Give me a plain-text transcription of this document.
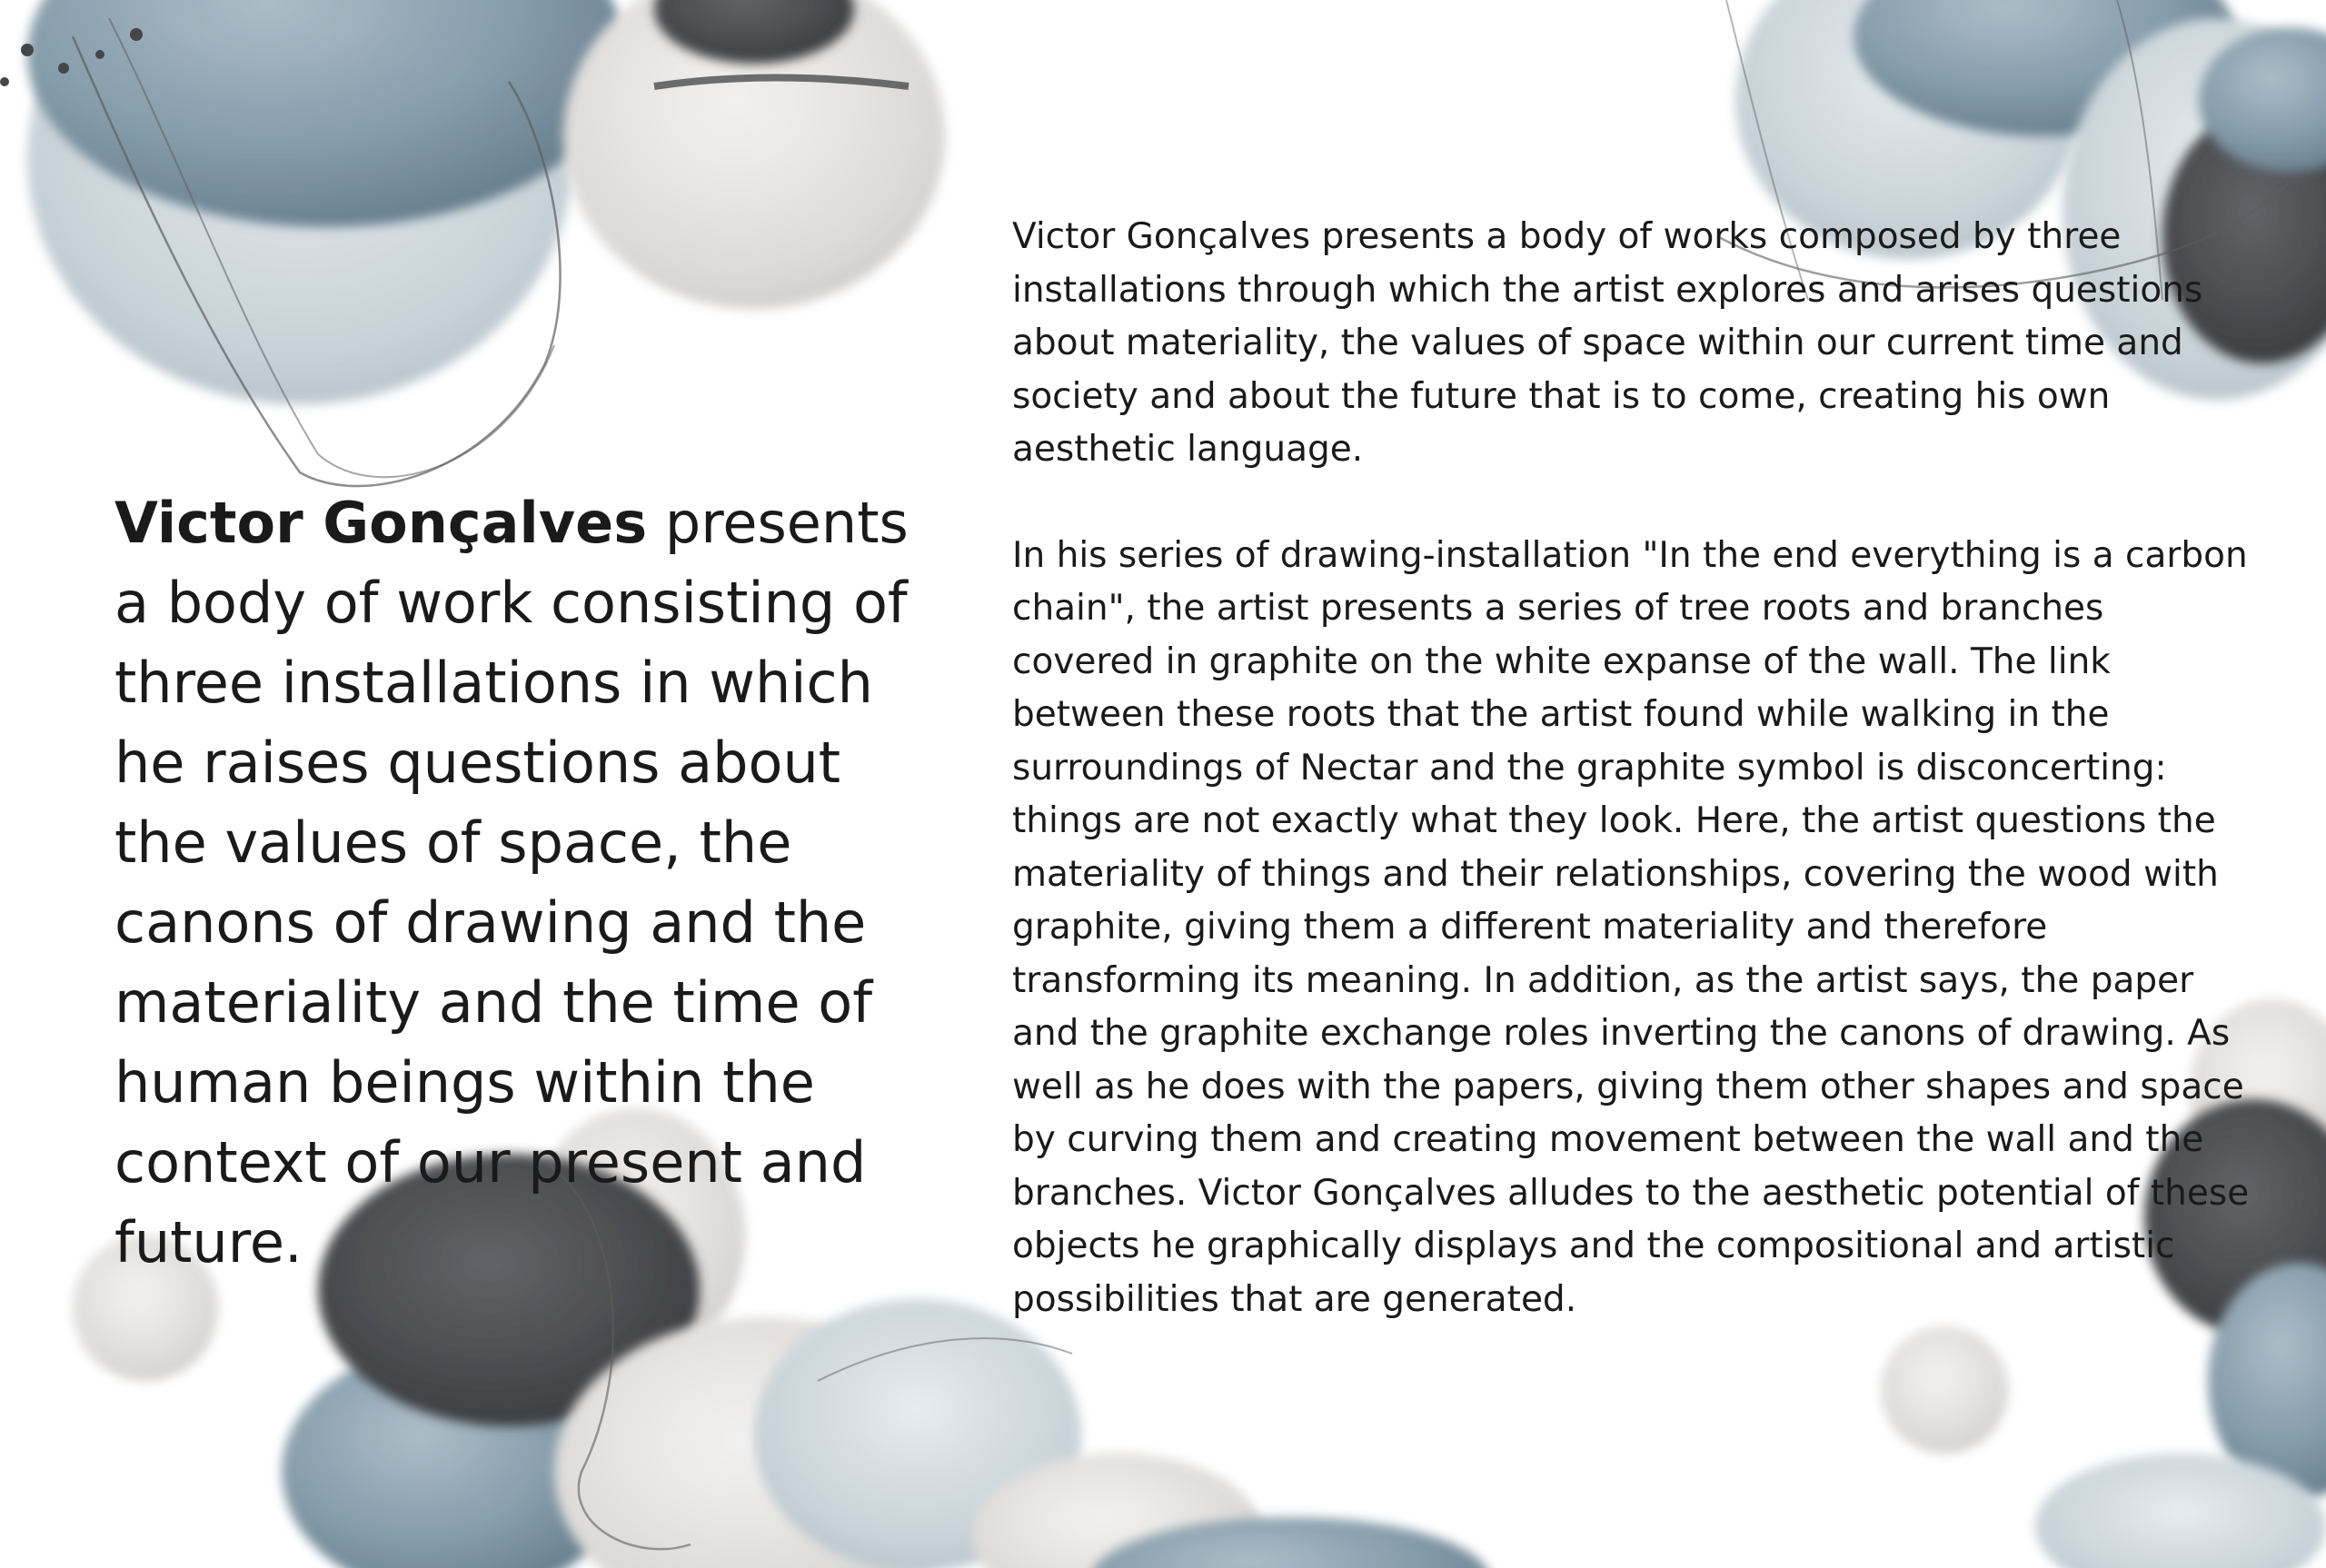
Victor Gonçalves presents a body of work consisting of three installations in which he raises questions about the values of space, the canons of drawing and the materiality and the time of human beings within the context of our present and future.

Victor Gonçalves presents a body of works composed by three installations through which the artist explores and arises questions about materiality, the values of space within our current time and society and about the future that is to come, creating his own aesthetic language.

In his series of drawing-installation "In the end everything is a carbon chain", the artist presents a series of tree roots and branches covered in graphite on the white expanse of the wall. The link between these roots that the artist found while walking in the surroundings of Nectar and the graphite symbol is disconcerting: things are not exactly what they look. Here, the artist questions the materiality of things and their relationships, covering the wood with graphite, giving them a different materiality and therefore transforming its meaning. In addition, as the artist says, the paper and the graphite exchange roles inverting the canons of drawing. As well as he does with the papers, giving them other shapes and space by curving them and creating movement between the wall and the branches. Victor Gonçalves alludes to the aesthetic potential of these objects he graphically displays and the compositional and artistic possibilities that are generated.
